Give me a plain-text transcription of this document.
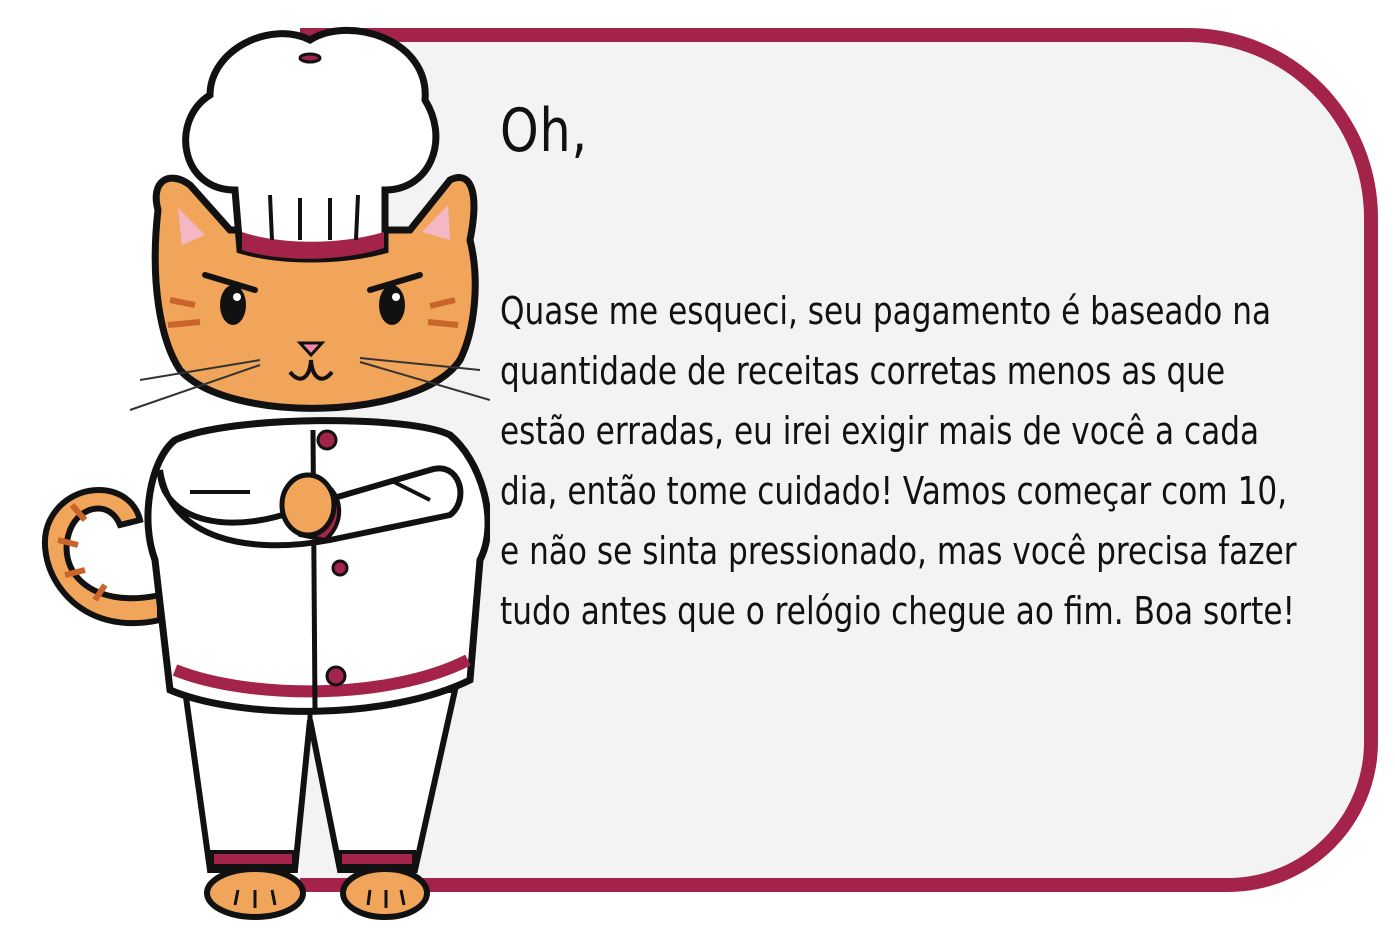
Oh,

Quase me esqueci, seu pagamento é baseado na quantidade de receitas corretas menos as que estão erradas, eu irei exigir mais de você a cada dia, então tome cuidado! Vamos começar com 10, e não se sinta pressionado, mas você precisa fazer tudo antes que o relógio chegue ao fim. Boa sorte!
